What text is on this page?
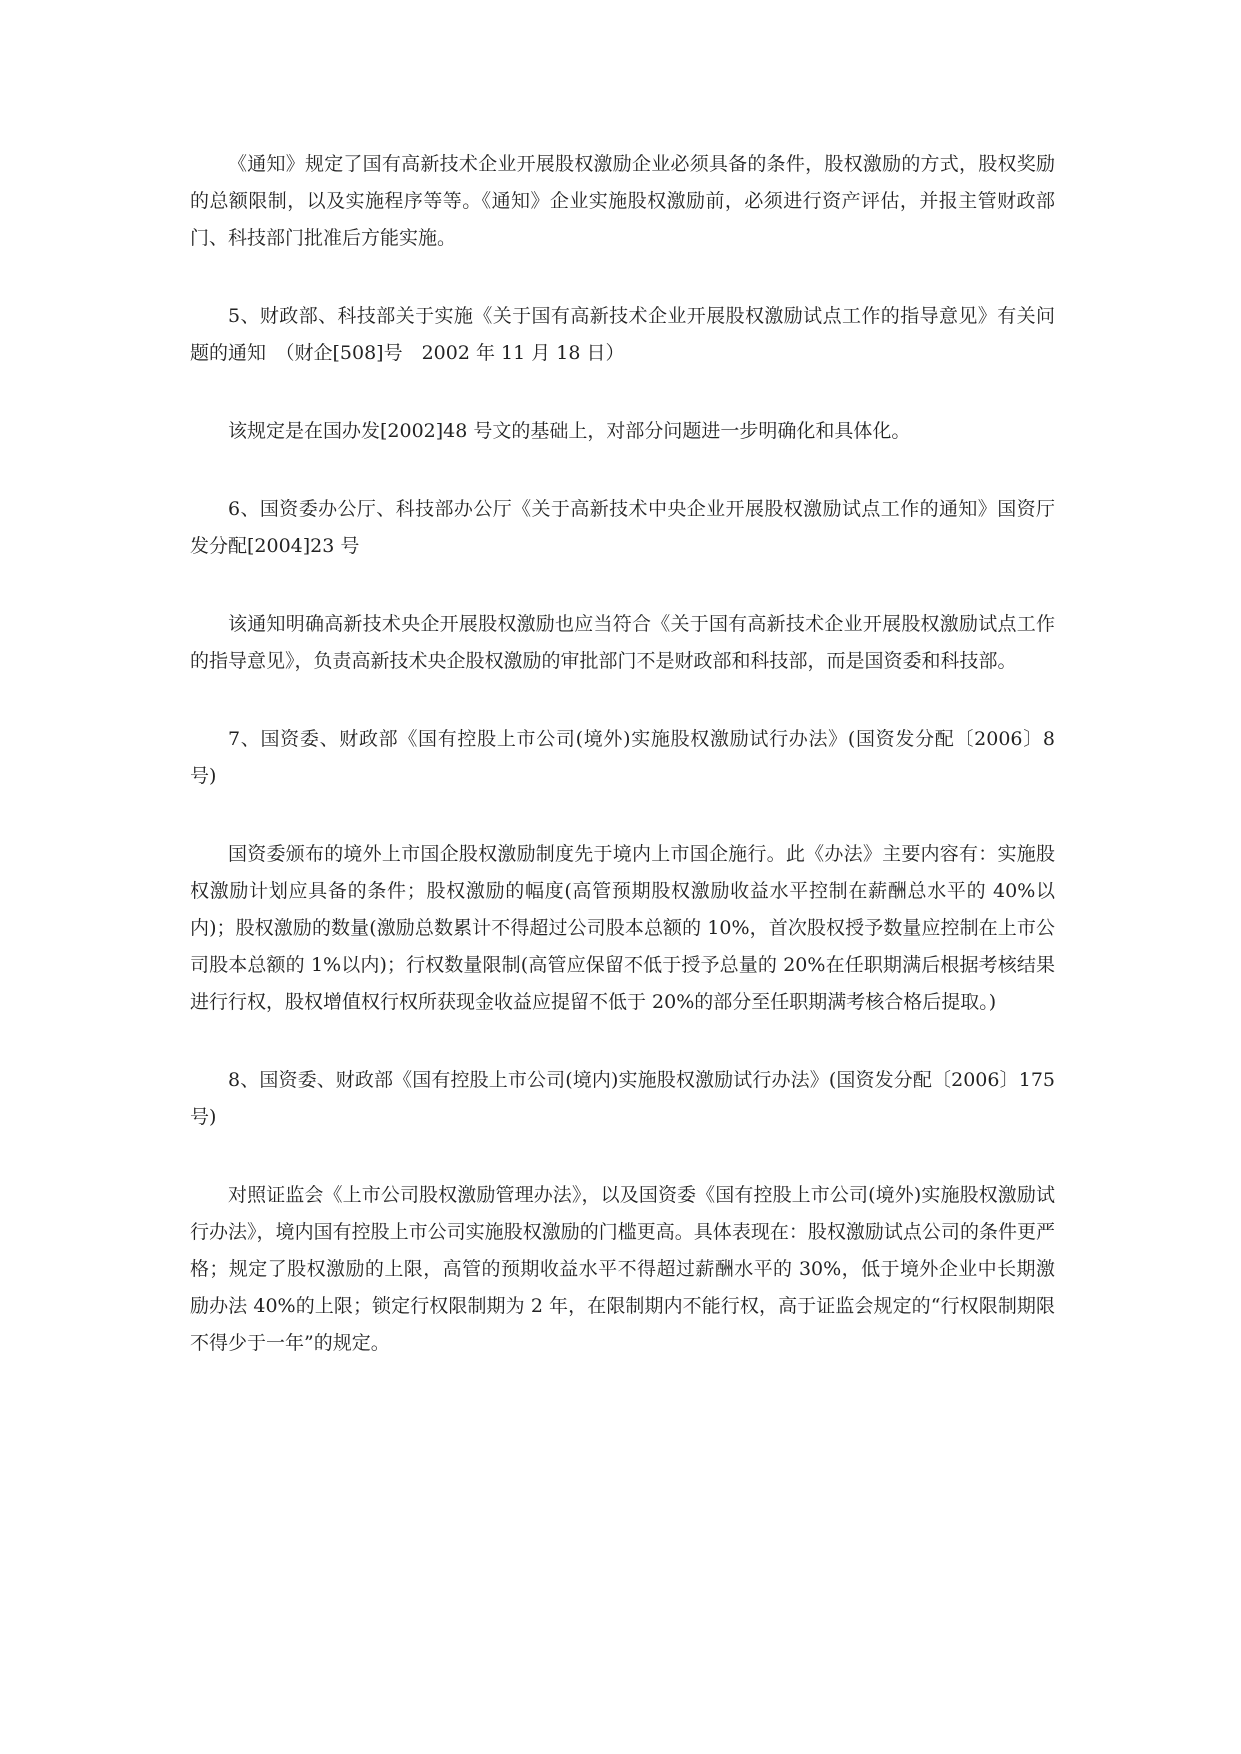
《通知》规定了国有高新技术企业开展股权激励企业必须具备的条件，股权激励的方式，股权奖励的总额限制，以及实施程序等等。《通知》企业实施股权激励前，必须进行资产评估，并报主管财政部门、科技部门批准后方能实施。

5、财政部、科技部关于实施《关于国有高新技术企业开展股权激励试点工作的指导意见》有关问题的通知　（财企[508]号　2002 年 11 月 18 日）

该规定是在国办发[2002]48 号文的基础上，对部分问题进一步明确化和具体化。

6、国资委办公厅、科技部办公厅《关于高新技术中央企业开展股权激励试点工作的通知》国资厅发分配[2004]23 号

该通知明确高新技术央企开展股权激励也应当符合《关于国有高新技术企业开展股权激励试点工作的指导意见》，负责高新技术央企股权激励的审批部门不是财政部和科技部，而是国资委和科技部。

7、国资委、财政部《国有控股上市公司(境外)实施股权激励试行办法》(国资发分配〔2006〕8 号)

国资委颁布的境外上市国企股权激励制度先于境内上市国企施行。此《办法》主要内容有：实施股权激励计划应具备的条件；股权激励的幅度(高管预期股权激励收益水平控制在薪酬总水平的 40%以内)；股权激励的数量(激励总数累计不得超过公司股本总额的 10%，首次股权授予数量应控制在上市公司股本总额的 1%以内)；行权数量限制(高管应保留不低于授予总量的 20%在任职期满后根据考核结果进行行权，股权增值权行权所获现金收益应提留不低于 20%的部分至任职期满考核合格后提取。)

8、国资委、财政部《国有控股上市公司(境内)实施股权激励试行办法》(国资发分配〔2006〕175 号)

对照证监会《上市公司股权激励管理办法》，以及国资委《国有控股上市公司(境外)实施股权激励试行办法》，境内国有控股上市公司实施股权激励的门槛更高。具体表现在：股权激励试点公司的条件更严格；规定了股权激励的上限，高管的预期收益水平不得超过薪酬水平的 30%，低于境外企业中长期激励办法 40%的上限；锁定行权限制期为 2 年，在限制期内不能行权，高于证监会规定的“行权限制期限不得少于一年”的规定。
